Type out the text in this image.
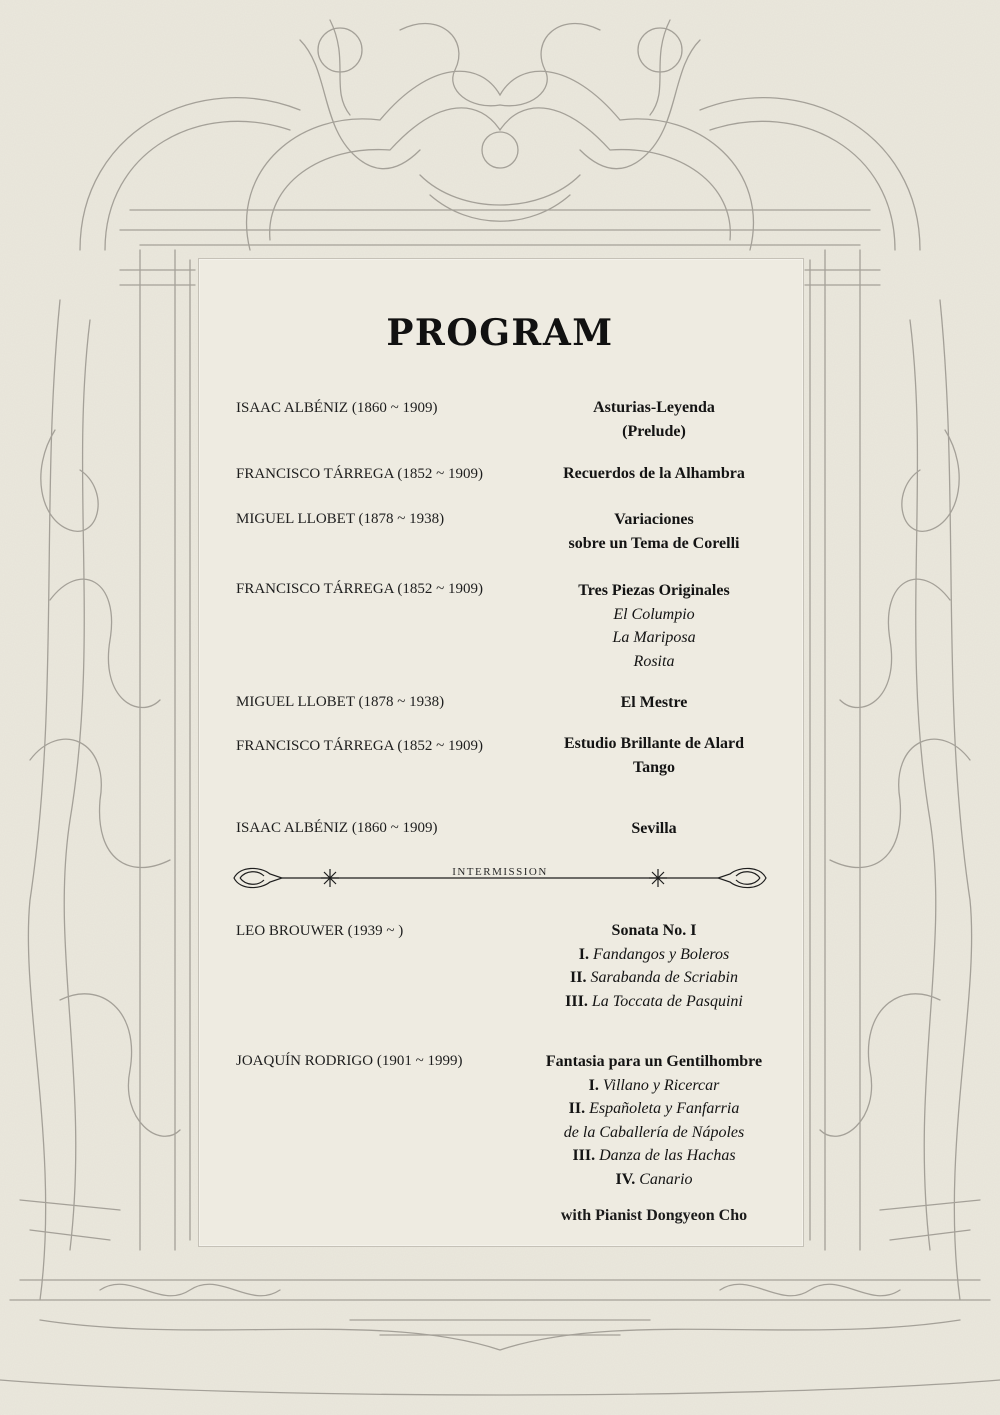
PROGRAM
ISAAC ALBÉNIZ (1860 ~ 1909)
FRANCISCO TÁRREGA (1852 ~ 1909)
MIGUEL LLOBET (1878 ~ 1938)
FRANCISCO TÁRREGA (1852 ~ 1909)
MIGUEL LLOBET (1878 ~ 1938)
FRANCISCO TÁRREGA (1852 ~ 1909)
ISAAC ALBÉNIZ (1860 ~ 1909)
LEO BROUWER (1939 ~ )
JOAQUÍN RODRIGO (1901 ~ 1999)
Asturias-Leyenda
(Prelude)
Recuerdos de la Alhambra
Variaciones
sobre un Tema de Corelli
Tres Piezas Originales
El Columpio
La Mariposa
Rosita
El Mestre
Estudio Brillante de Alard
Tango
Sevilla
Sonata No. I
I. Fandangos y Boleros
II. Sarabanda de Scriabin
III. La Toccata de Pasquini
Fantasia para un Gentilhombre
I. Villano y Ricercar
II. Españoleta y Fanfarria
de la Caballería de Nápoles
III. Danza de las Hachas
IV. Canario
INTERMISSION
with Pianist Dongyeon Cho
